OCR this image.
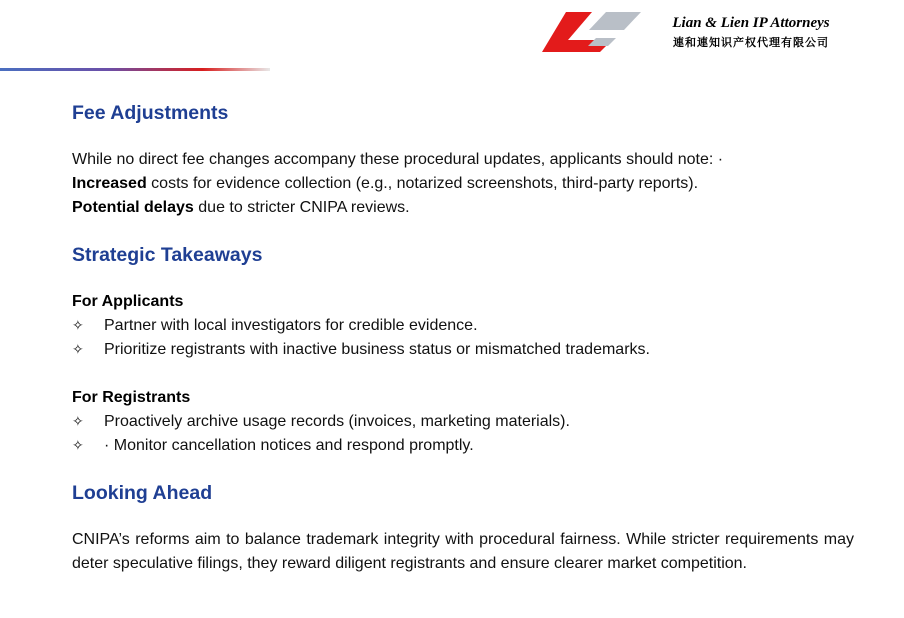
Lian & Lien IP Attorneys
連和連知识产权代理有限公司
Fee Adjustments

While no direct fee changes accompany these procedural updates, applicants should note: ·

Increased costs for evidence collection (e.g., notarized screenshots, third-party reports).

Potential delays due to stricter CNIPA reviews.

Strategic Takeaways
For Applicants
✧	Partner with local investigators for credible evidence.
✧	Prioritize registrants with inactive business status or mismatched trademarks.
For Registrants
✧	Proactively archive usage records (invoices, marketing materials).
✧	· Monitor cancellation notices and respond promptly.
Looking Ahead

CNIPA’s reforms aim to balance trademark integrity with procedural fairness. While stricter requirements may deter speculative filings, they reward diligent registrants and ensure clearer market competition.
